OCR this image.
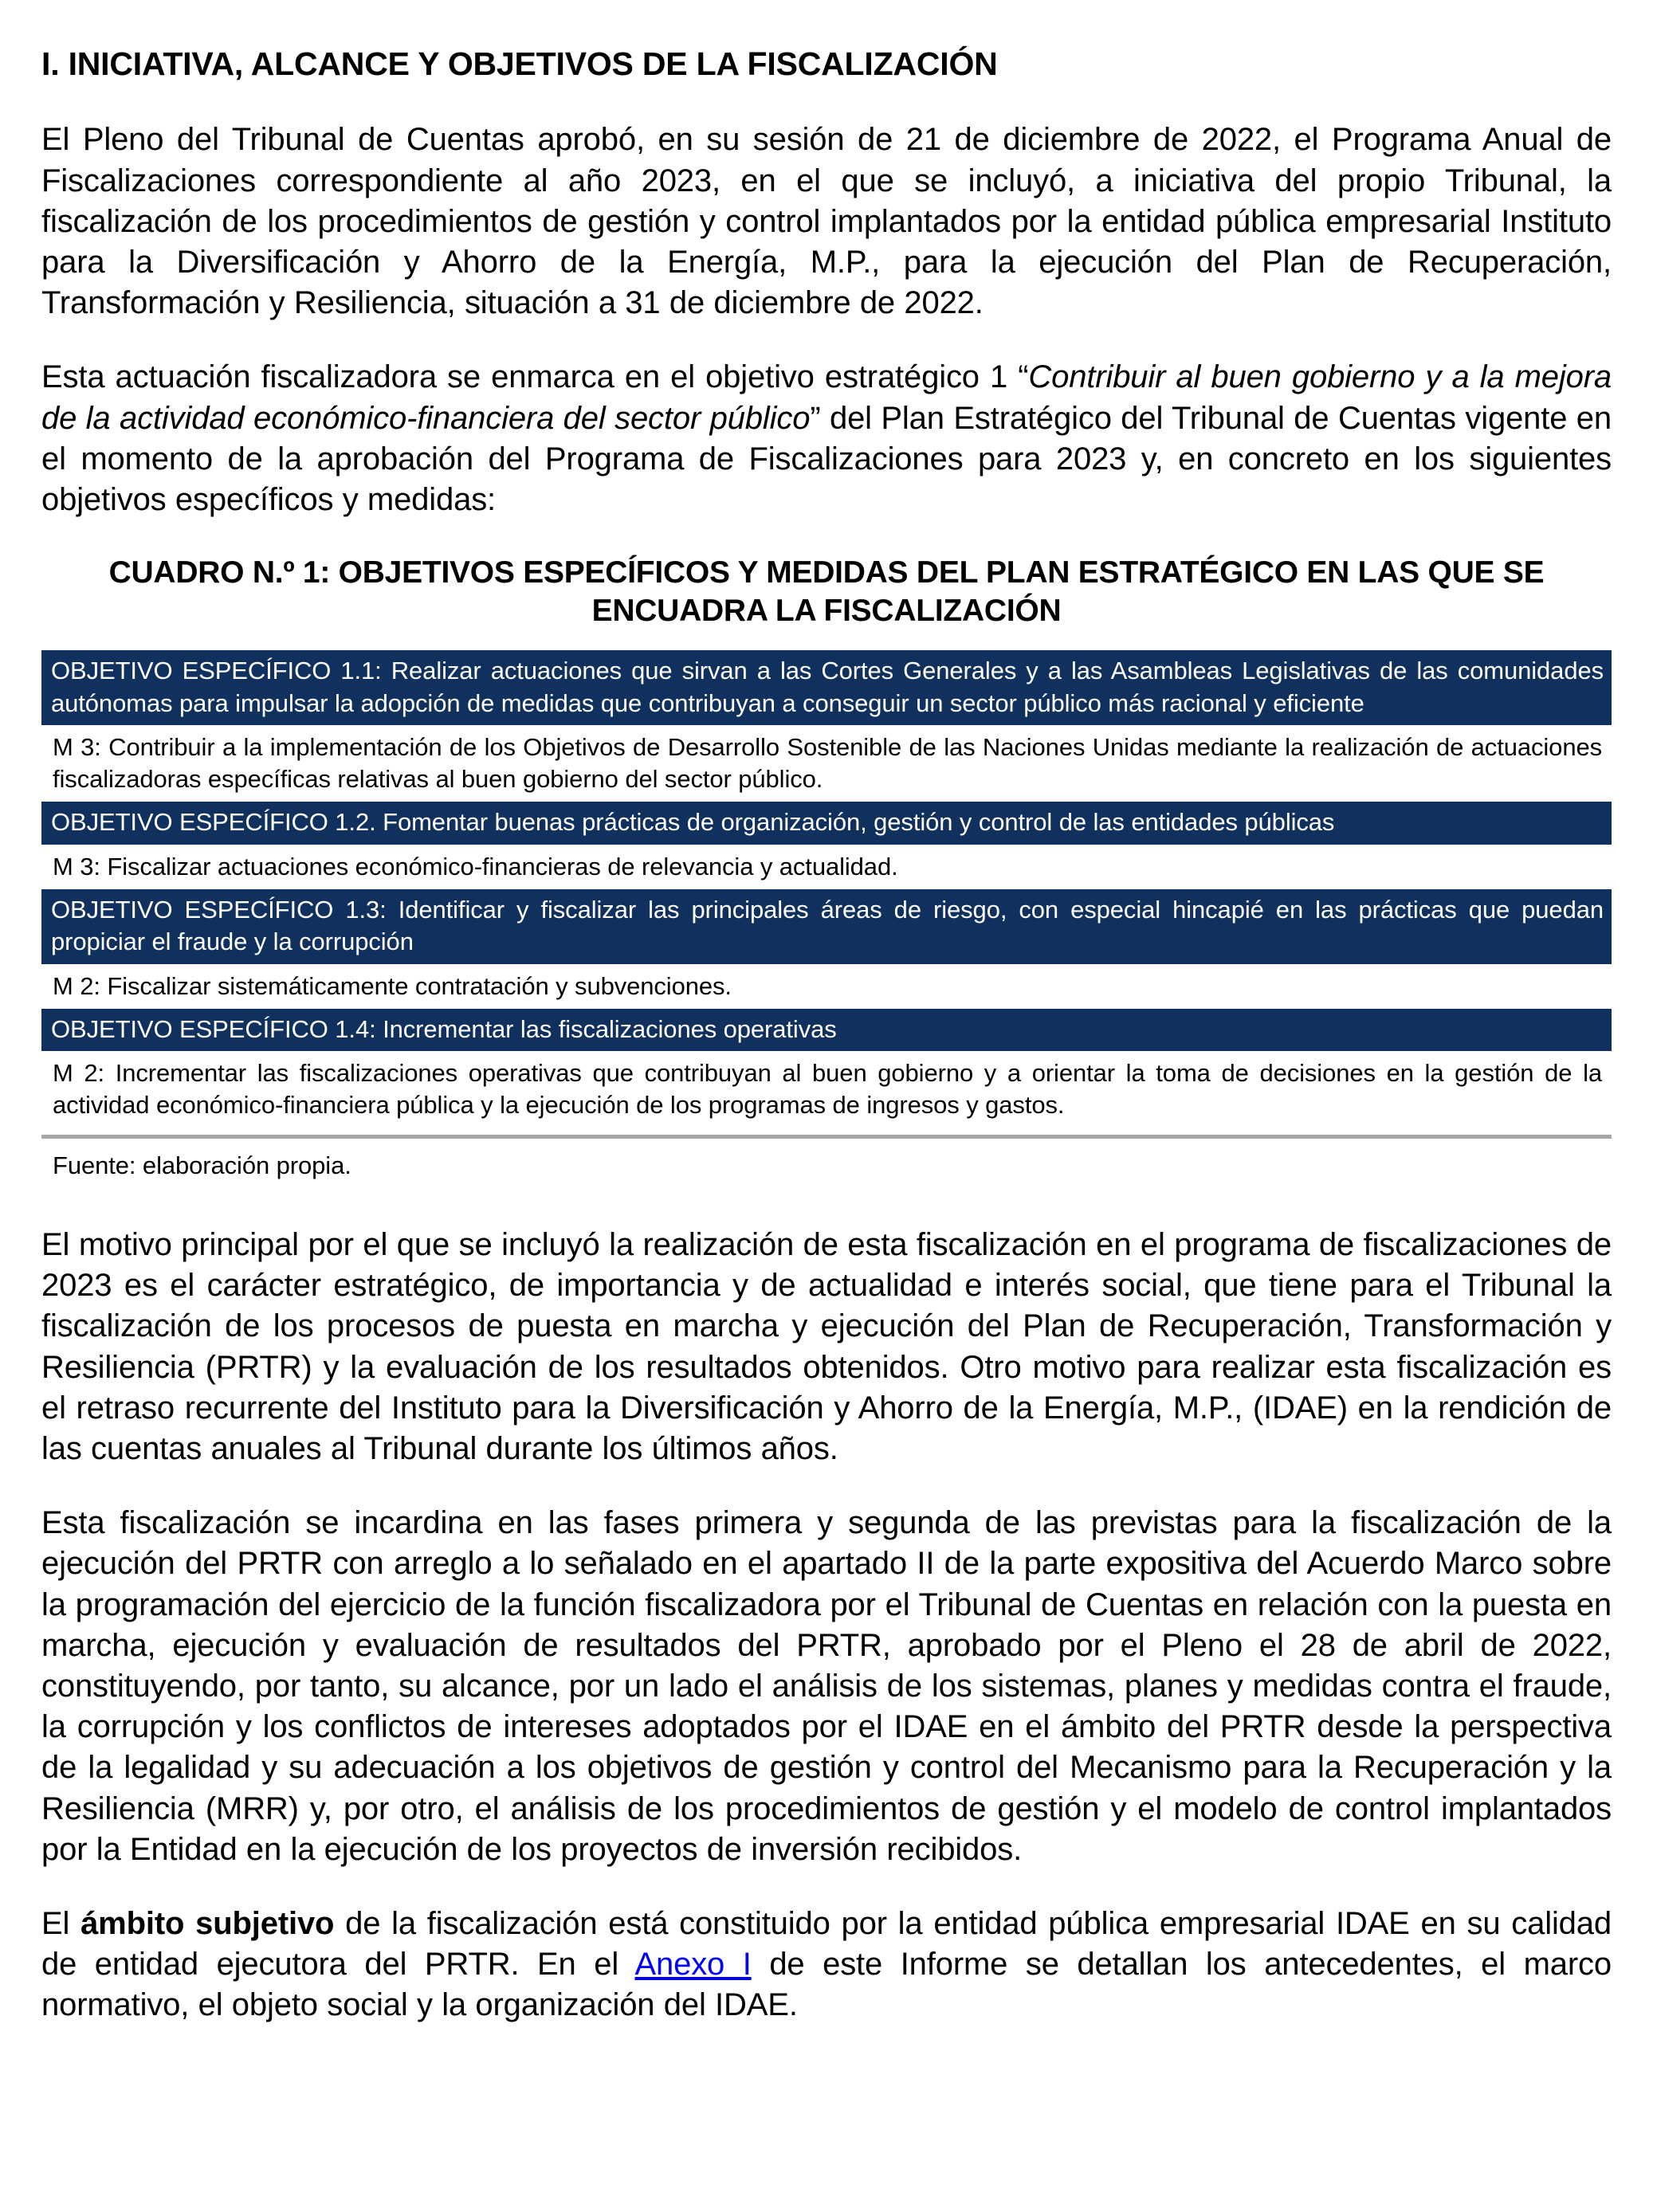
I. INICIATIVA, ALCANCE Y OBJETIVOS DE LA FISCALIZACIÓN

El Pleno del Tribunal de Cuentas aprobó, en su sesión de 21 de diciembre de 2022, el Programa Anual de Fiscalizaciones correspondiente al año 2023, en el que se incluyó, a iniciativa del propio Tribunal, la fiscalización de los procedimientos de gestión y control implantados por la entidad pública empresarial Instituto para la Diversificación y Ahorro de la Energía, M.P., para la ejecución del Plan de Recuperación, Transformación y Resiliencia, situación a 31 de diciembre de 2022.

Esta actuación fiscalizadora se enmarca en el objetivo estratégico 1 “Contribuir al buen gobierno y a la mejora de la actividad económico-financiera del sector público” del Plan Estratégico del Tribunal de Cuentas vigente en el momento de la aprobación del Programa de Fiscalizaciones para 2023 y, en concreto en los siguientes objetivos específicos y medidas:

CUADRO N.º 1: OBJETIVOS ESPECÍFICOS Y MEDIDAS DEL PLAN ESTRATÉGICO EN LAS QUE SE ENCUADRA LA FISCALIZACIÓN
OBJETIVO ESPECÍFICO 1.1: Realizar actuaciones que sirvan a las Cortes Generales y a las Asambleas Legislativas de las comunidades autónomas para impulsar la adopción de medidas que contribuyan a conseguir un sector público más racional y eficiente
M 3: Contribuir a la implementación de los Objetivos de Desarrollo Sostenible de las Naciones Unidas mediante la realización de actuaciones fiscalizadoras específicas relativas al buen gobierno del sector público.
OBJETIVO ESPECÍFICO 1.2. Fomentar buenas prácticas de organización, gestión y control de las entidades públicas
M 3: Fiscalizar actuaciones económico-financieras de relevancia y actualidad.
OBJETIVO ESPECÍFICO 1.3: Identificar y fiscalizar las principales áreas de riesgo, con especial hincapié en las prácticas que puedan propiciar el fraude y la corrupción
M 2: Fiscalizar sistemáticamente contratación y subvenciones.
OBJETIVO ESPECÍFICO 1.4: Incrementar las fiscalizaciones operativas
M 2: Incrementar las fiscalizaciones operativas que contribuyan al buen gobierno y a orientar la toma de decisiones en la gestión de la actividad económico-financiera pública y la ejecución de los programas de ingresos y gastos.
Fuente: elaboración propia.

El motivo principal por el que se incluyó la realización de esta fiscalización en el programa de fiscalizaciones de 2023 es el carácter estratégico, de importancia y de actualidad e interés social, que tiene para el Tribunal la fiscalización de los procesos de puesta en marcha y ejecución del Plan de Recuperación, Transformación y Resiliencia (PRTR) y la evaluación de los resultados obtenidos. Otro motivo para realizar esta fiscalización es el retraso recurrente del Instituto para la Diversificación y Ahorro de la Energía, M.P., (IDAE) en la rendición de las cuentas anuales al Tribunal durante los últimos años.

Esta fiscalización se incardina en las fases primera y segunda de las previstas para la fiscalización de la ejecución del PRTR con arreglo a lo señalado en el apartado II de la parte expositiva del Acuerdo Marco sobre la programación del ejercicio de la función fiscalizadora por el Tribunal de Cuentas en relación con la puesta en marcha, ejecución y evaluación de resultados del PRTR, aprobado por el Pleno el 28 de abril de 2022, constituyendo, por tanto, su alcance, por un lado el análisis de los sistemas, planes y medidas contra el fraude, la corrupción y los conflictos de intereses adoptados por el IDAE en el ámbito del PRTR desde la perspectiva de la legalidad y su adecuación a los objetivos de gestión y control del Mecanismo para la Recuperación y la Resiliencia (MRR) y, por otro, el análisis de los procedimientos de gestión y el modelo de control implantados por la Entidad en la ejecución de los proyectos de inversión recibidos.

El ámbito subjetivo de la fiscalización está constituido por la entidad pública empresarial IDAE en su calidad de entidad ejecutora del PRTR. En el Anexo I de este Informe se detallan los antecedentes, el marco normativo, el objeto social y la organización del IDAE.
